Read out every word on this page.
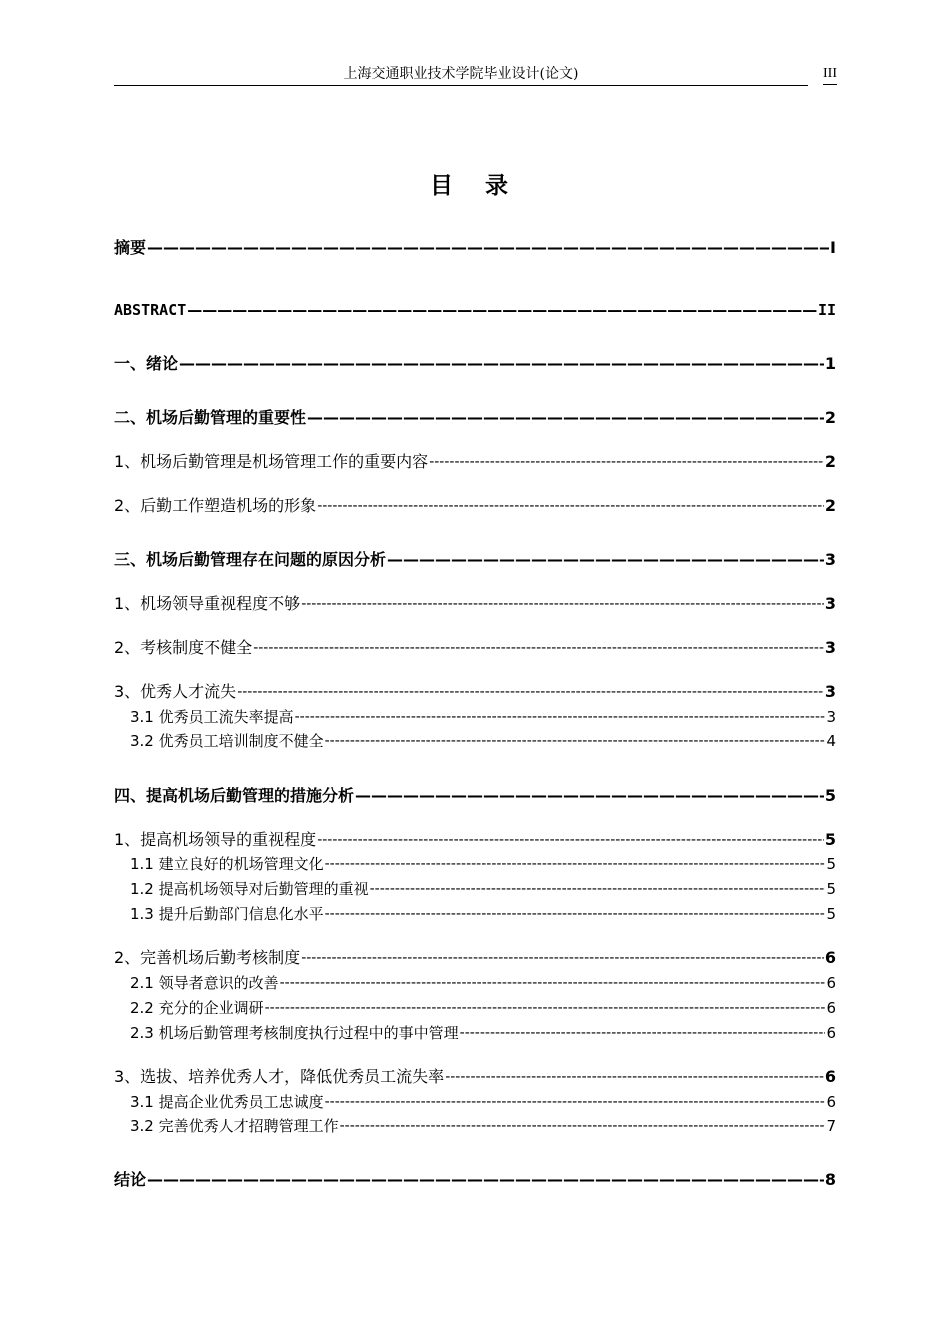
上海交通职业技术学院毕业设计(论文)	III
目 录
摘要 —————	I
ABSTRACT —————	II
一、绪论 —————	1
二、机场后勤管理的重要性 —————	2
1、机场后勤管理是机场管理工作的重要内容 -----	2
2、后勤工作塑造机场的形象 -----	2
三、机场后勤管理存在问题的原因分析 —————	3
1、机场领导重视程度不够 -----	3
2、考核制度不健全 -----	3
3、优秀人才流失 -----	3
3.1 优秀员工流失率提高 -----	3
3.2 优秀员工培训制度不健全 -----	4
四、提高机场后勤管理的措施分析 —————	5
1、提高机场领导的重视程度 -----	5
1.1 建立良好的机场管理文化 -----	5
1.2 提高机场领导对后勤管理的重视 -----	5
1.3 提升后勤部门信息化水平 -----	5
2、完善机场后勤考核制度 -----	6
2.1 领导者意识的改善 -----	6
2.2 充分的企业调研 -----	6
2.3 机场后勤管理考核制度执行过程中的事中管理 -----	6
3、选拔、培养优秀人才，降低优秀员工流失率 -----	6
3.1 提高企业优秀员工忠诚度 -----	6
3.2 完善优秀人才招聘管理工作 -----	7
结论 —————	8
